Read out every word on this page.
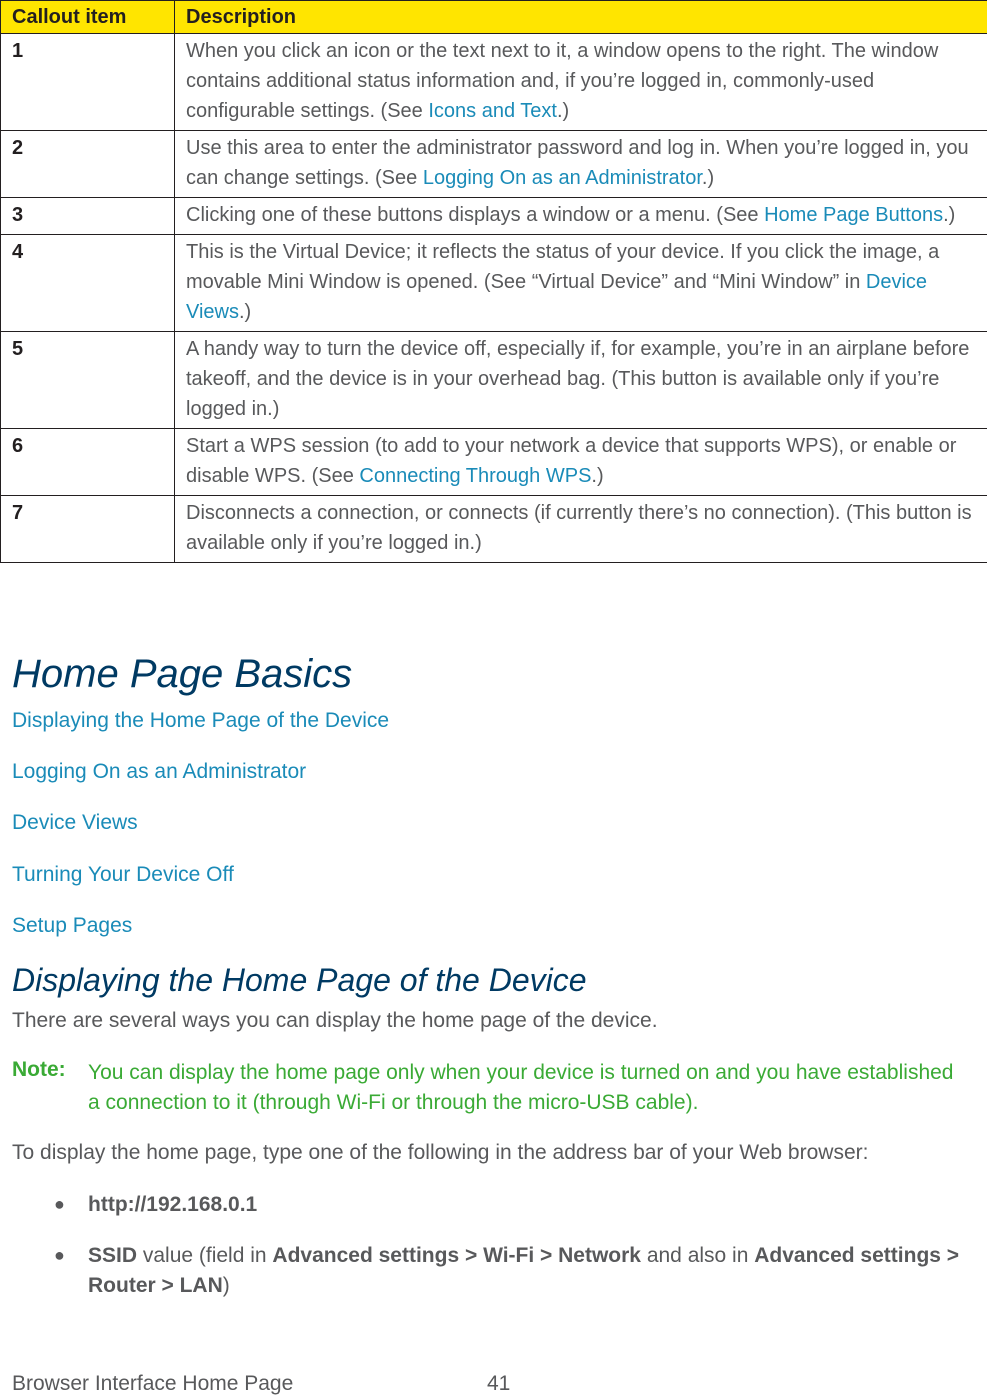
Callout item	Description
1	When you click an icon or the text next to it, a window opens to the right. The window contains additional status information and, if you’re logged in, commonly-used configurable settings. (See Icons and Text.)
2	Use this area to enter the administrator password and log in. When you’re logged in, you can change settings. (See Logging On as an Administrator.)
3	Clicking one of these buttons displays a window or a menu. (See Home Page Buttons.)
4	This is the Virtual Device; it reflects the status of your device. If you click the image, a movable Mini Window is opened. (See “Virtual Device” and “Mini Window” in Device Views.)
5	A handy way to turn the device off, especially if, for example, you’re in an airplane before takeoff, and the device is in your overhead bag. (This button is available only if you’re logged in.)
6	Start a WPS session (to add to your network a device that supports WPS), or enable or disable WPS. (See Connecting Through WPS.)
7	Disconnects a connection, or connects (if currently there’s no connection). (This button is available only if you’re logged in.)
Home Page Basics
Displaying the Home Page of the Device
Logging On as an Administrator
Device Views
Turning Your Device Off
Setup Pages
Displaying the Home Page of the Device

There are several ways you can display the home page of the device.

Note: You can display the home page only when your device is turned on and you have established a connection to it (through Wi-Fi or through the micro-USB cable).

To display the home page, type one of the following in the address bar of your Web browser:

● http://192.168.0.1

● SSID value (field in Advanced settings > Wi-Fi > Network and also in Advanced settings > Router > LAN)

Browser Interface Home Page	41
